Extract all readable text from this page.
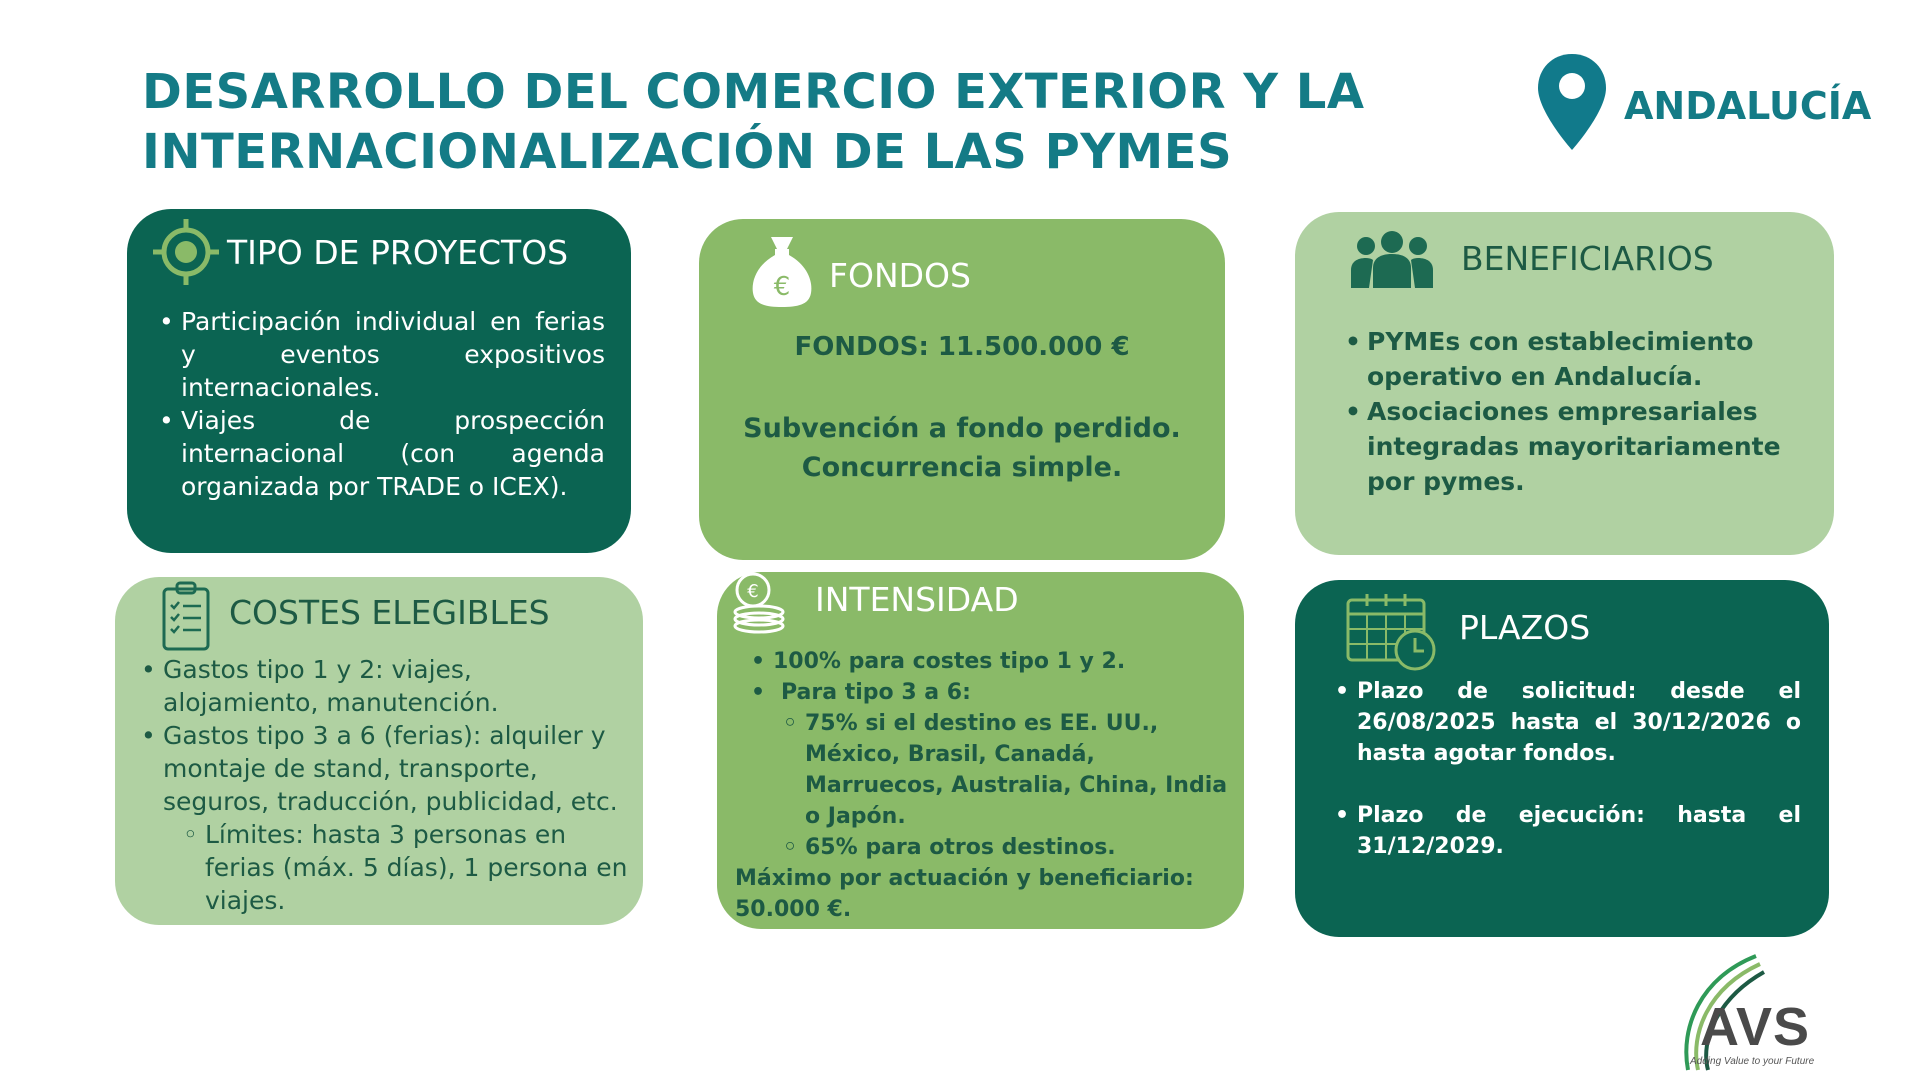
DESARROLLO DEL COMERCIO EXTERIOR Y LA
INTERNACIONALIZACIÓN DE LAS PYMES
ANDALUCÍA
TIPO DE PROYECTOS
• Participación individual en ferias y eventos expositivos internacionales.
• Viajes de prospección internacional (con agenda organizada por TRADE o ICEX).
€ FONDOS
FONDOS: 11.500.000 €
Subvención a fondo perdido.
Concurrencia simple.
BENEFICIARIOS
• PYMEs con establecimiento operativo en Andalucía.
• Asociaciones empresariales integradas mayoritariamente por pymes.
COSTES ELEGIBLES
• Gastos tipo 1 y 2: viajes, alojamiento, manutención.
• Gastos tipo 3 a 6 (ferias): alquiler y montaje de stand, transporte, seguros, traducción, publicidad, etc.
◦ Límites: hasta 3 personas en ferias (máx. 5 días), 1 persona en viajes.
€ INTENSIDAD
• 100% para costes tipo 1 y 2.
• Para tipo 3 a 6:
◦ 75% si el destino es EE. UU., México, Brasil, Canadá, Marruecos, Australia, China, India o Japón.
◦ 65% para otros destinos.
Máximo por actuación y beneficiario: 50.000 €.
PLAZOS
• Plazo de solicitud: desde el 26/08/2025 hasta el 30/12/2026 o hasta agotar fondos.
• Plazo de ejecución: hasta el 31/12/2029.
AVS
Adding Value to your Future
